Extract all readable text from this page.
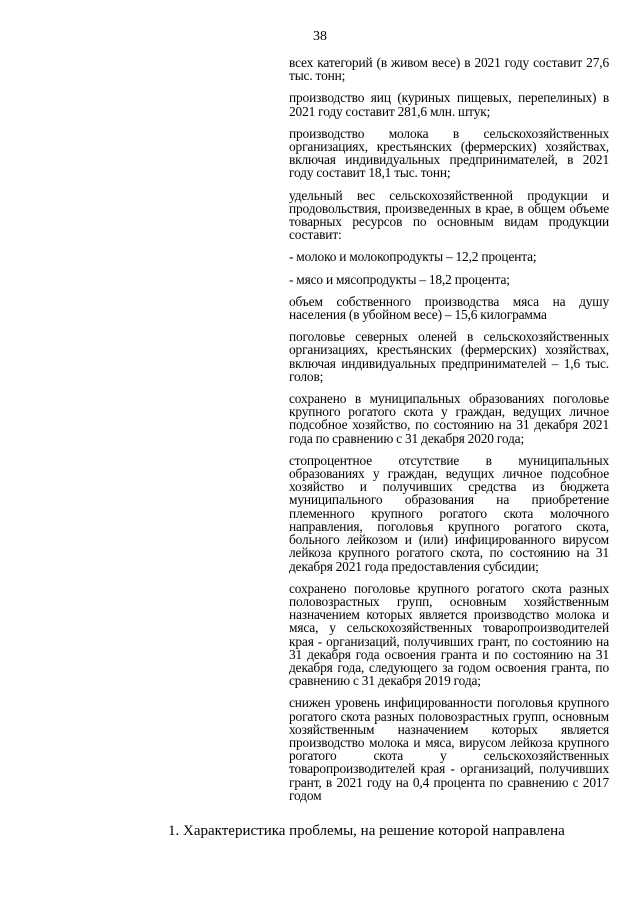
38

всех категорий (в живом весе) в 2021 году составит 27,6 тыс. тонн;

производство яиц (куриных пищевых, перепелиных) в 2021 году составит 281,6 млн. штук;

производство молока в сельскохозяйственных организациях, крестьянских (фермерских) хозяйствах, включая индивидуальных предпринимателей, в 2021 году составит 18,1 тыс. тонн;

удельный вес сельскохозяйственной продукции и продовольствия, произведенных в крае, в общем объеме товарных ресурсов по основным видам продукции составит:

- молоко и молокопродукты – 12,2 процента;

- мясо и мясопродукты – 18,2 процента;

объем собственного производства мяса на душу населения (в убойном весе) – 15,6 килограмма

поголовье северных оленей в сельскохозяйственных организациях, крестьянских (фермерских) хозяйствах, включая индивидуальных предпринимателей – 1,6 тыс. голов;

сохранено в муниципальных образованиях поголовье крупного рогатого скота у граждан, ведущих личное подсобное хозяйство, по состоянию на 31 декабря 2021 года по сравнению с 31 декабря 2020 года;

стопроцентное отсутствие в муниципальных образованиях у граждан, ведущих личное подсобное хозяйство и получивших средства из бюджета муниципального образования на приобретение племенного крупного рогатого скота молочного направления, поголовья крупного рогатого скота, больного лейкозом и (или) инфицированного вирусом лейкоза крупного рогатого скота, по состоянию на 31 декабря 2021 года предоставления субсидии;

сохранено поголовье крупного рогатого скота разных половозрастных групп, основным хозяйственным назначением которых является производство молока и мяса, у сельскохозяйственных товаропроизводителей края - организаций, получивших грант, по состоянию на 31 декабря года освоения гранта и по состоянию на 31 декабря года, следующего за годом освоения гранта, по сравнению с 31 декабря 2019 года;

снижен уровень инфицированности поголовья крупного рогатого скота разных половозрастных групп, основным хозяйственным назначением которых является производство молока и мяса, вирусом лейкоза крупного рогатого скота у сельскохозяйственных товаропроизводителей края - организаций, получивших грант, в 2021 году на 0,4 процента по сравнению с 2017 годом

1. Характеристика проблемы, на решение которой направлена
